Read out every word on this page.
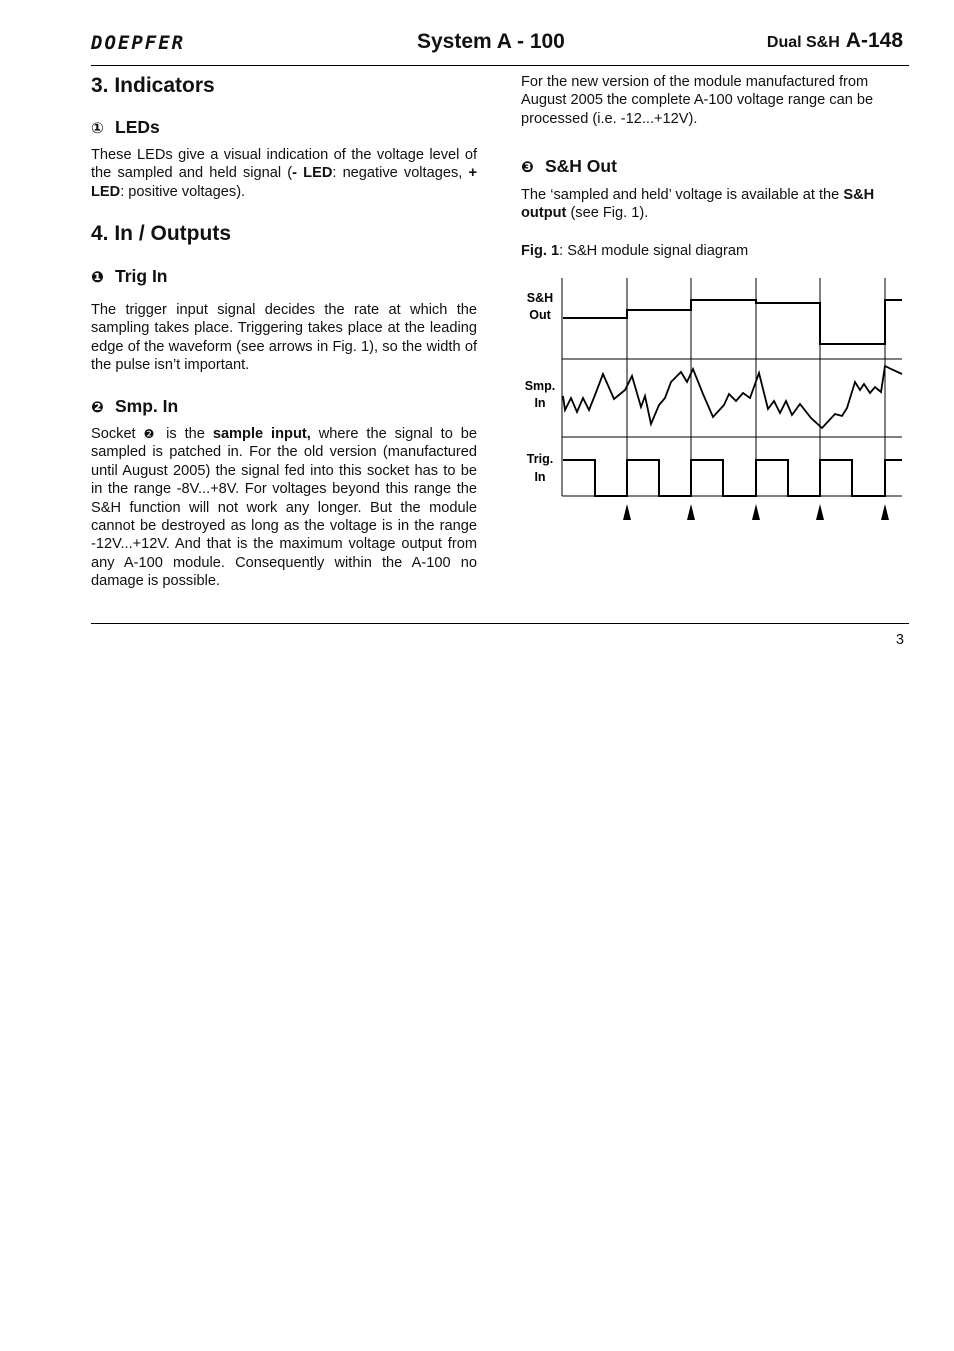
DOEPFER	System A - 100	Dual S&H A-148
3. Indicators
① LEDs

These LEDs give a visual indication of the voltage level of the sampled and held signal (- LED: negative voltages, + LED: positive voltages).

4. In / Outputs
❶ Trig In

The trigger input signal decides the rate at which the sampling takes place. Triggering takes place at the leading edge of the waveform (see arrows in Fig. 1), so the width of the pulse isn’t important.

❷ Smp. In

Socket ❷ is the sample input, where the signal to be sampled is patched in. For the old version (manufactured until August 2005) the signal fed into this socket has to be in the range -8V...+8V. For voltages beyond this range the S&H function will not work any longer. But the module cannot be destroyed as long as the voltage is in the range -12V...+12V. And that is the maximum voltage output from any A-100 module. Consequently within the A-100 no damage is possible.

For the new version of the module manufactured from August 2005 the complete A-100 voltage range can be processed (i.e. -12...+12V).

❸ S&H Out

The ‘sampled and held’ voltage is available at the S&H output (see Fig. 1).

Fig. 1: S&H module signal diagram
S&H
Out
Smp.
In
Trig.
In
3
